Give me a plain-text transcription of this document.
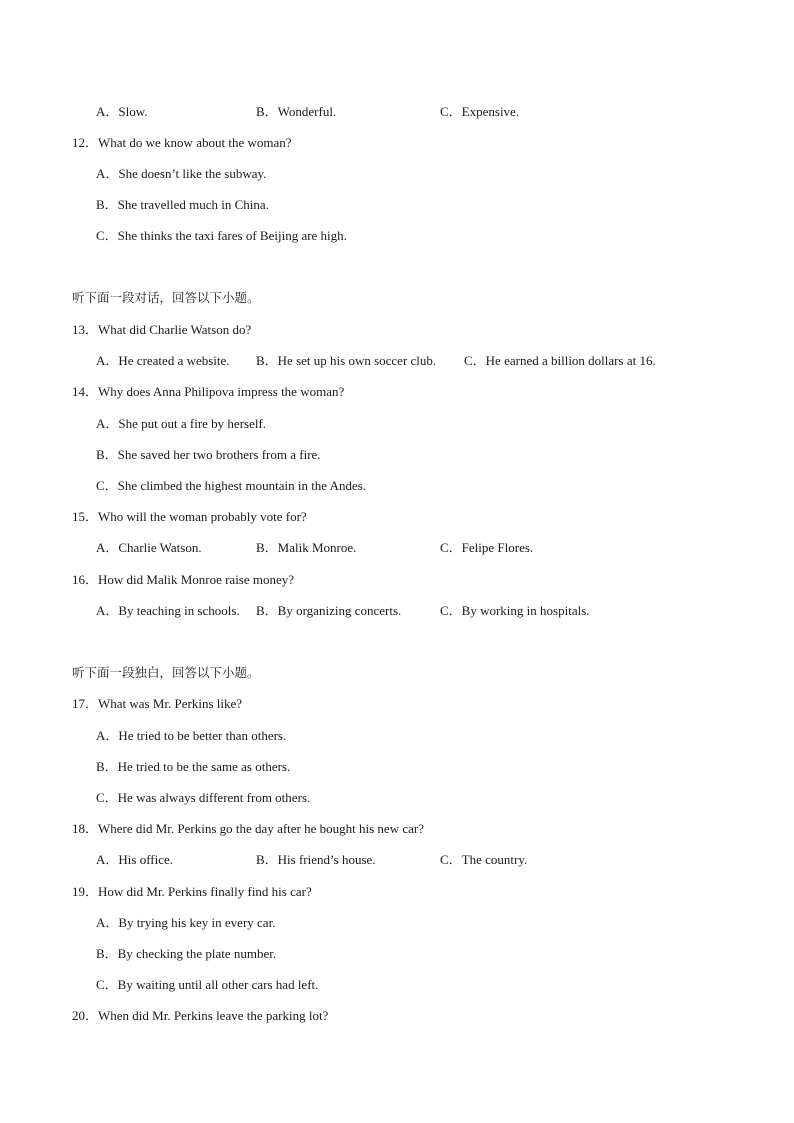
A．Slow.	B．Wonderful.	C．Expensive.
12．What do we know about the woman?
A．She doesn’t like the subway.
B．She travelled much in China.
C．She thinks the taxi fares of Beijing are high.
听下面一段对话，回答以下小题。
13．What did Charlie Watson do?
A．He created a website. B．He set up his own soccer club. C．He earned a billion dollars at 16.
14．Why does Anna Philipova impress the woman?
A．She put out a fire by herself.
B．She saved her two brothers from a fire.
C．She climbed the highest mountain in the Andes.
15．Who will the woman probably vote for?
A．Charlie Watson.	B．Malik Monroe.	C．Felipe Flores.
16．How did Malik Monroe raise money?
A．By teaching in schools. B．By organizing concerts.	C．By working in hospitals.
听下面一段独白，回答以下小题。
17．What was Mr. Perkins like?
A．He tried to be better than others.
B．He tried to be the same as others.
C．He was always different from others.
18．Where did Mr. Perkins go the day after he bought his new car?
A．His office.	B．His friend’s house.	C．The country.
19．How did Mr. Perkins finally find his car?
A．By trying his key in every car.
B．By checking the plate number.
C．By waiting until all other cars had left.
20．When did Mr. Perkins leave the parking lot?
